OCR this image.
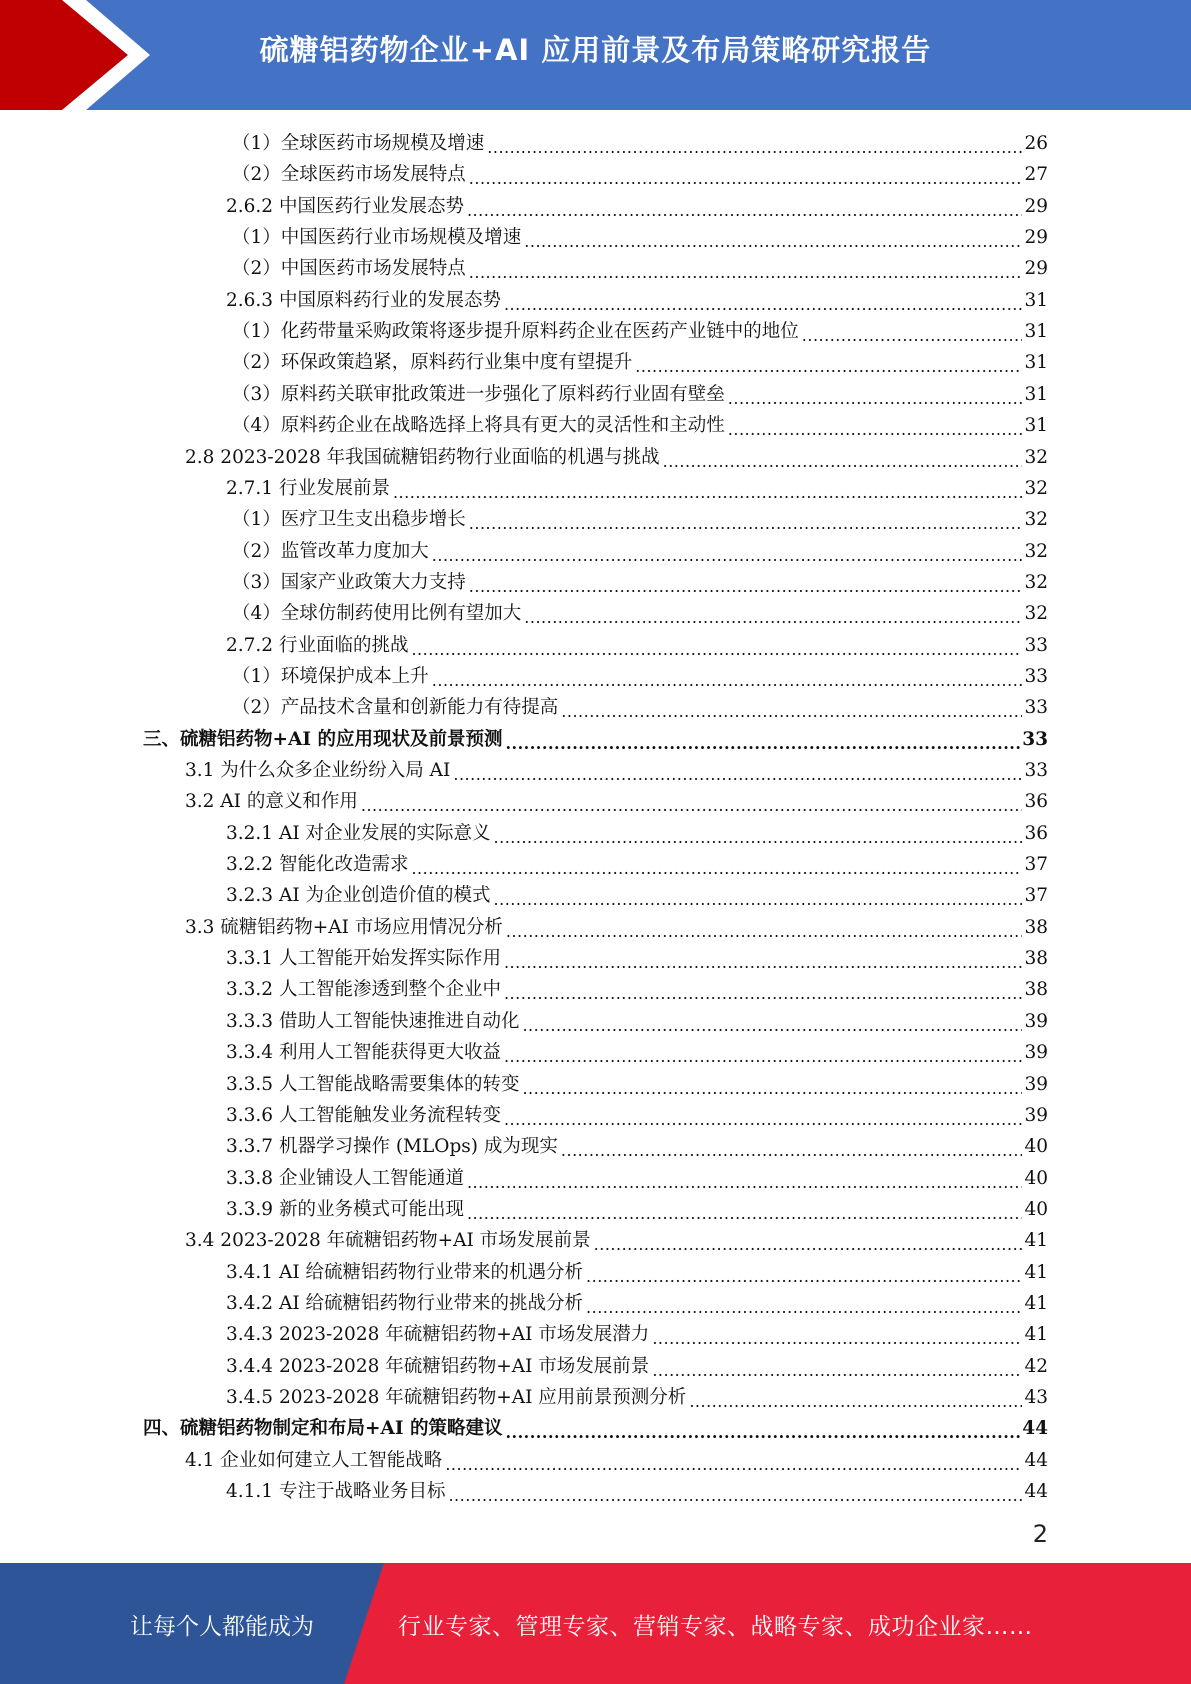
硫糖铝药物企业+AI 应用前景及布局策略研究报告
（1）全球医药市场规模及增速 .....	26
（2）全球医药市场发展特点 .....	27
2.6.2 中国医药行业发展态势 .....	29
（1）中国医药行业市场规模及增速 .....	29
（2）中国医药市场发展特点 .....	29
2.6.3 中国原料药行业的发展态势 .....	31
（1）化药带量采购政策将逐步提升原料药企业在医药产业链中的地位 .....	31
（2）环保政策趋紧，原料药行业集中度有望提升 .....	31
（3）原料药关联审批政策进一步强化了原料药行业固有壁垒 .....	31
（4）原料药企业在战略选择上将具有更大的灵活性和主动性 .....	31
2.8 2023-2028 年我国硫糖铝药物行业面临的机遇与挑战 .....	32
2.7.1 行业发展前景 .....	32
（1）医疗卫生支出稳步增长 .....	32
（2）监管改革力度加大 .....	32
（3）国家产业政策大力支持 .....	32
（4）全球仿制药使用比例有望加大 .....	32
2.7.2 行业面临的挑战 .....	33
（1）环境保护成本上升 .....	33
（2）产品技术含量和创新能力有待提高 .....	33
三、硫糖铝药物+AI 的应用现状及前景预测 .....	33
3.1 为什么众多企业纷纷入局 AI .....	33
3.2 AI 的意义和作用 .....	36
3.2.1 AI 对企业发展的实际意义 .....	36
3.2.2 智能化改造需求 .....	37
3.2.3 AI 为企业创造价值的模式 .....	37
3.3 硫糖铝药物+AI 市场应用情况分析 .....	38
3.3.1 人工智能开始发挥实际作用 .....	38
3.3.2 人工智能渗透到整个企业中 .....	38
3.3.3 借助人工智能快速推进自动化 .....	39
3.3.4 利用人工智能获得更大收益 .....	39
3.3.5 人工智能战略需要集体的转变 .....	39
3.3.6 人工智能触发业务流程转变 .....	39
3.3.7 机器学习操作 (MLOps) 成为现实 .....	40
3.3.8 企业铺设人工智能通道 .....	40
3.3.9 新的业务模式可能出现 .....	40
3.4 2023-2028 年硫糖铝药物+AI 市场发展前景 .....	41
3.4.1 AI 给硫糖铝药物行业带来的机遇分析 .....	41
3.4.2 AI 给硫糖铝药物行业带来的挑战分析 .....	41
3.4.3 2023-2028 年硫糖铝药物+AI 市场发展潜力 .....	41
3.4.4 2023-2028 年硫糖铝药物+AI 市场发展前景 .....	42
3.4.5 2023-2028 年硫糖铝药物+AI 应用前景预测分析 .....	43
四、硫糖铝药物制定和布局+AI 的策略建议 .....	44
4.1 企业如何建立人工智能战略 .....	44
4.1.1 专注于战略业务目标 .....	44
2
让每个人都能成为	行业专家、管理专家、营销专家、战略专家、成功企业家……
